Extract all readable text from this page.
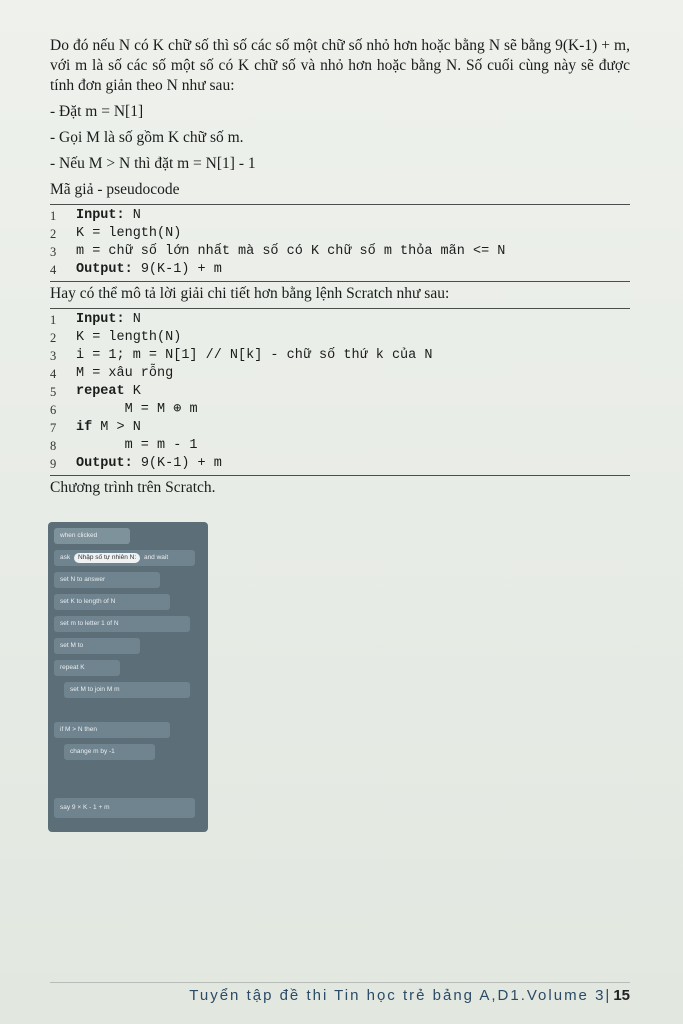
Do đó nếu N có K chữ số thì số các số một chữ số nhỏ hơn hoặc bằng N sẽ bằng 9(K-1) + m, với m là số các số một số có K chữ số và nhỏ hơn hoặc bằng N. Số cuối cùng này sẽ được tính đơn giản theo N như sau:

- Đặt m = N[1]

- Gọi M là số gồm K chữ số m.

- Nếu M > N thì đặt m = N[1] - 1

Mã giả - pseudocode

1	Input: N
2	K = length(N)
3	m = chữ số lớn nhất mà số có K chữ số m thỏa mãn <= N
4	Output: 9(K-1) + m

Hay có thể mô tả lời giải chi tiết hơn bằng lệnh Scratch như sau:

1	Input: N
2	K = length(N)
3	i = 1; m = N[1] // N[k] - chữ số thứ k của N
4	M = xâu rỗng
5	repeat K
6	M = M ⊕ m
7	if M > N
8	m = m - 1
9	Output: 9(K-1) + m

Chương trình trên Scratch.

when clicked
ask Nhập số tự nhiên N: and wait
set N to answer
set K to length of N
set m to letter 1 of N
set M to
repeat K
set M to join M m
if M > N then
change m by -1
say 9 × K - 1 + m
Tuyển tập đề thi Tin học trẻ bảng A,D1.Volume 3| 15
